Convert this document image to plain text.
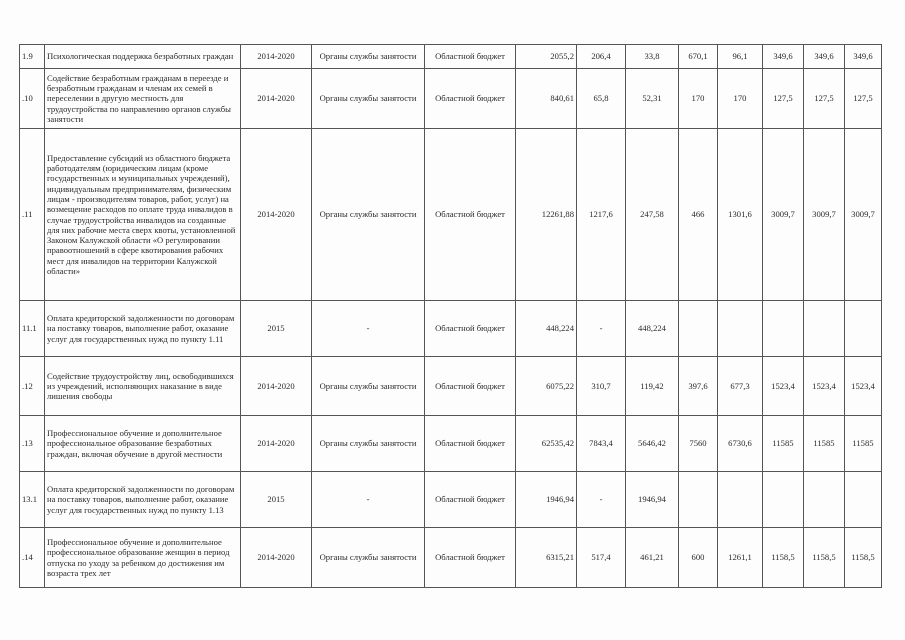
1.9	Психологическая поддержка безработных граждан	2014-2020	Органы службы занятости	Областной бюджет	2055,2	206,4	33,8	670,1	96,1	349,6	349,6	349,6
.10	Содействие безработным гражданам в переезде и безработным гражданам и членам их семей в переселении в другую местность для трудоустройства по направлению органов службы занятости	2014-2020	Органы службы занятости	Областной бюджет	840,61	65,8	52,31	170	170	127,5	127,5	127,5
.11	Предоставление субсидий из областного бюджета работодателям (юридическим лицам (кроме государственных и муниципальных учреждений), индивидуальным предпринимателям, физическим лицам - производителям товаров, работ, услуг) на возмещение расходов по оплате труда инвалидов в случае трудоустройства инвалидов на созданные для них рабочие места сверх квоты, установленной Законом Калужской области «О регулировании правоотношений в сфере квотирования рабочих мест для инвалидов на территории Калужской области»	2014-2020	Органы службы занятости	Областной бюджет	12261,88	1217,6	247,58	466	1301,6	3009,7	3009,7	3009,7
11.1	Оплата кредиторской задолженности по договорам на поставку товаров, выполнение работ, оказание услуг для государственных нужд по пункту 1.11	2015	-	Областной бюджет	448,224	-	448,224					
.12	Содействие трудоустройству лиц, освободившихся из учреждений, исполняющих наказание в виде лишения свободы	2014-2020	Органы службы занятости	Областной бюджет	6075,22	310,7	119,42	397,6	677,3	1523,4	1523,4	1523,4
.13	Профессиональное обучение и дополнительное профессиональное образование безработных граждан, включая обучение в другой местности	2014-2020	Органы службы занятости	Областной бюджет	62535,42	7843,4	5646,42	7560	6730,6	11585	11585	11585
13.1	Оплата кредиторской задолженности по договорам на поставку товаров, выполнение работ, оказание услуг для государственных нужд по пункту 1.13	2015	-	Областной бюджет	1946,94	-	1946,94					
.14	Профессиональное обучение и дополнительное профессиональное образование женщин в период отпуска по уходу за ребенком до достижения им возраста трех лет	2014-2020	Органы службы занятости	Областной бюджет	6315,21	517,4	461,21	600	1261,1	1158,5	1158,5	1158,5
